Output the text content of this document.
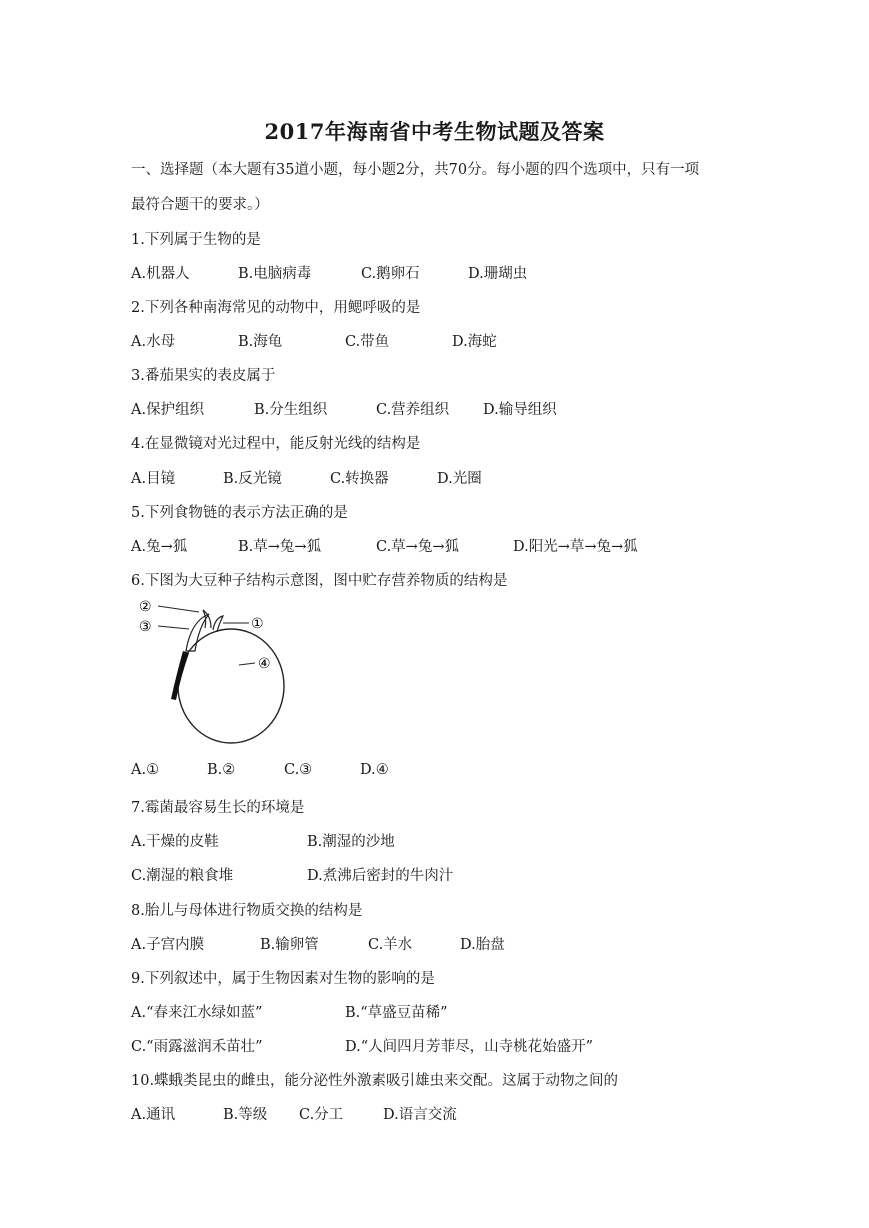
2017年海南省中考生物试题及答案
一、选择题（本大题有35道小题，每小题2分，共70分。每小题的四个选项中，只有一项
最符合题干的要求。）
1.下列属于生物的是
A.机器人	B.电脑病毒	C.鹅卵石	D.珊瑚虫
2.下列各种南海常见的动物中，用鳃呼吸的是
A.水母	B.海龟	C.带鱼	D.海蛇
3.番茄果实的表皮属于
A.保护组织	B.分生组织	C.营养组织 D.输导组织
4.在显微镜对光过程中，能反射光线的结构是
A.目镜	B.反光镜	C.转换器	D.光圈
5.下列食物链的表示方法正确的是
A.兔→狐	B.草→兔→狐	C.草→兔→狐	D.阳光→草→兔→狐
6.下图为大豆种子结构示意图，图中贮存营养物质的结构是
②
③	①
④
A.①	B.②	C.③	D.④
7.霉菌最容易生长的环境是
A.干燥的皮鞋	B.潮湿的沙地
C.潮湿的粮食堆	D.煮沸后密封的牛肉汁
8.胎儿与母体进行物质交换的结构是
A.子宫内膜	B.输卵管	C.羊水	D.胎盘
9.下列叙述中，属于生物因素对生物的影响的是
A.“春来江水绿如蓝”	B.“草盛豆苗稀”
C.“雨露滋润禾苗壮”	D.“人间四月芳菲尽，山寺桃花始盛开”
10.蝶蛾类昆虫的雌虫，能分泌性外激素吸引雄虫来交配。这属于动物之间的
A.通讯	B.等级 C.分工	D.语言交流
